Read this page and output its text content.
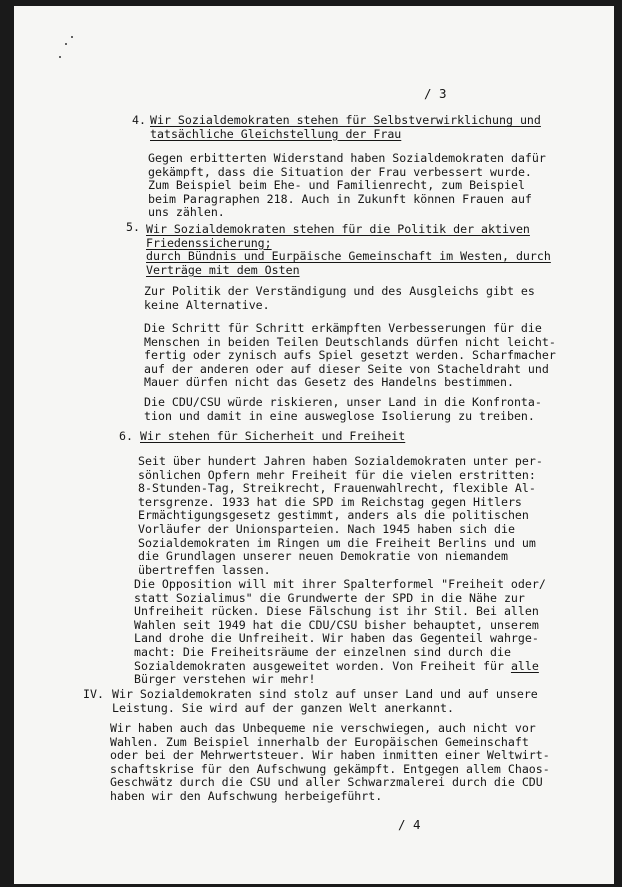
/ 3
4. Wir Sozialdemokraten stehen für Selbstverwirklichung und
tatsächliche Gleichstellung der Frau
Gegen erbitterten Widerstand haben Sozialdemokraten dafür
gekämpft, dass die Situation der Frau verbessert wurde.
Zum Beispiel beim Ehe- und Familienrecht, zum Beispiel
beim Paragraphen 218. Auch in Zukunft können Frauen auf
uns zählen.
5. Wir Sozialdemokraten stehen für die Politik der aktiven
Friedenssicherung;
durch Bündnis und Eurpäische Gemeinschaft im Westen, durch
Verträge mit dem Osten
Zur Politik der Verständigung und des Ausgleichs gibt es
keine Alternative.
Die Schritt für Schritt erkämpften Verbesserungen für die
Menschen in beiden Teilen Deutschlands dürfen nicht leicht-
fertig oder zynisch aufs Spiel gesetzt werden. Scharfmacher
auf der anderen oder auf dieser Seite von Stacheldraht und
Mauer dürfen nicht das Gesetz des Handelns bestimmen.
Die CDU/CSU würde riskieren, unser Land in die Konfronta-
tion und damit in eine ausweglose Isolierung zu treiben.
6. Wir stehen für Sicherheit und Freiheit
Seit über hundert Jahren haben Sozialdemokraten unter per-
sönlichen Opfern mehr Freiheit für die vielen erstritten:
8-Stunden-Tag, Streikrecht, Frauenwahlrecht, flexible Al-
tersgrenze. 1933 hat die SPD im Reichstag gegen Hitlers
Ermächtigungsgesetz gestimmt, anders als die politischen
Vorläufer der Unionsparteien. Nach 1945 haben sich die
Sozialdemokraten im Ringen um die Freiheit Berlins und um
die Grundlagen unserer neuen Demokratie von niemandem
übertreffen lassen.
Die Opposition will mit ihrer Spalterformel "Freiheit oder/
statt Sozialimus" die Grundwerte der SPD in die Nähe zur
Unfreiheit rücken. Diese Fälschung ist ihr Stil. Bei allen
Wahlen seit 1949 hat die CDU/CSU bisher behauptet, unserem
Land drohe die Unfreiheit. Wir haben das Gegenteil wahrge-
macht: Die Freiheitsräume der einzelnen sind durch die
Sozialdemokraten ausgeweitet worden. Von Freiheit für alle
Bürger verstehen wir mehr!
IV. Wir Sozialdemokraten sind stolz auf unser Land und auf unsere
Leistung. Sie wird auf der ganzen Welt anerkannt.
Wir haben auch das Unbequeme nie verschwiegen, auch nicht vor
Wahlen. Zum Beispiel innerhalb der Europäischen Gemeinschaft
oder bei der Mehrwertsteuer. Wir haben inmitten einer Weltwirt-
schaftskrise für den Aufschwung gekämpft. Entgegen allem Chaos-
Geschwätz durch die CSU und aller Schwarzmalerei durch die CDU
haben wir den Aufschwung herbeigeführt.
/ 4
